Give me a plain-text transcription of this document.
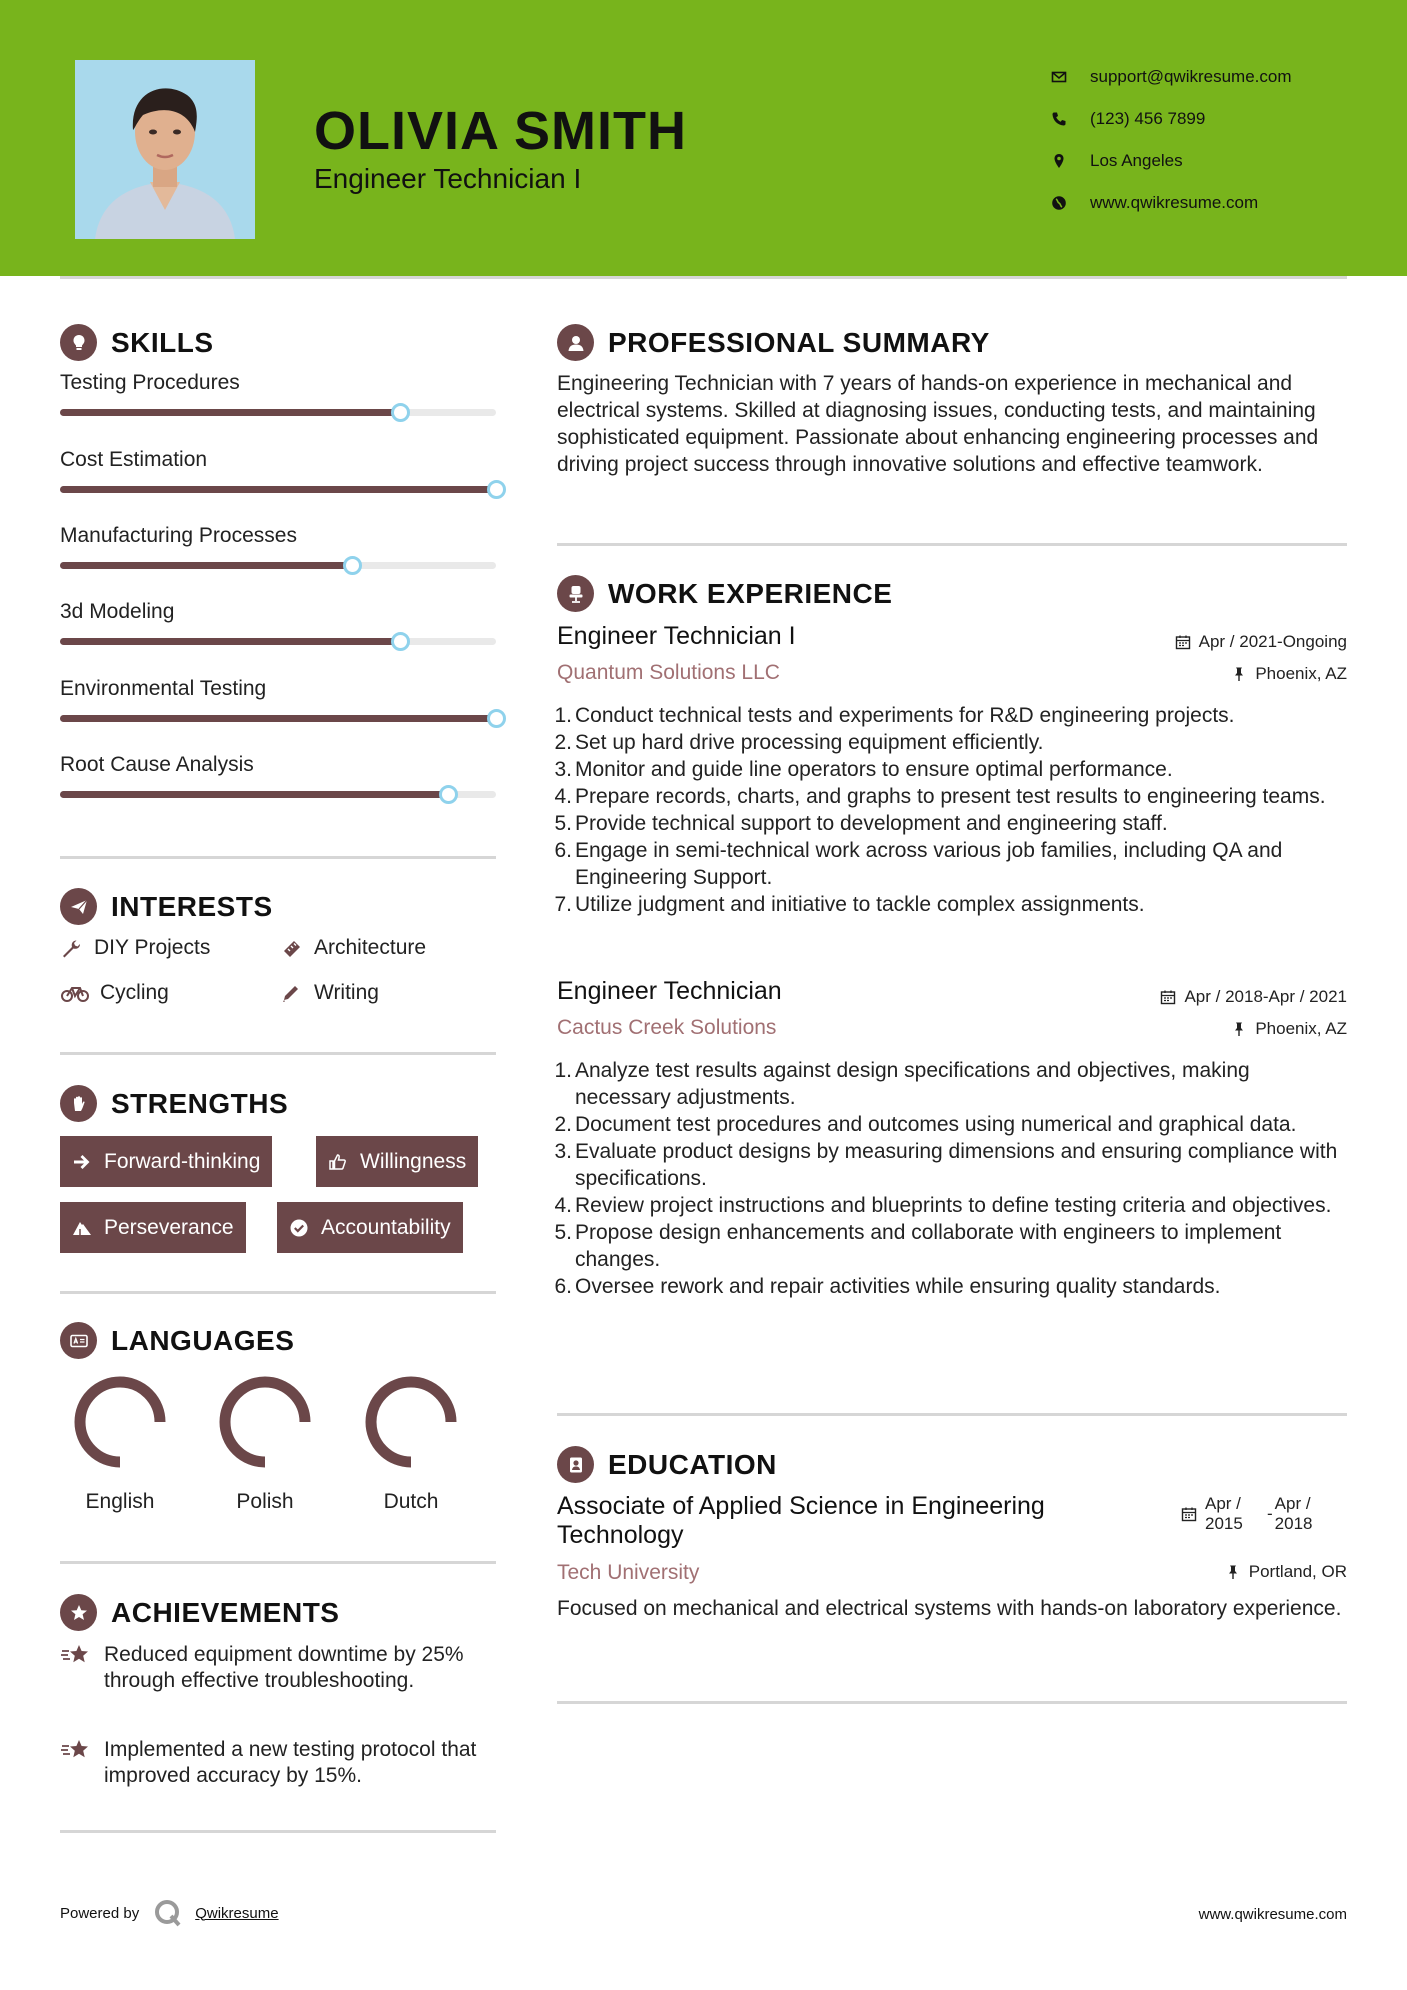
OLIVIA SMITH
Engineer Technician I
support@qwikresume.com
(123) 456 7899
Los Angeles
www.qwikresume.com
SKILLS
Testing Procedures
Cost Estimation
Manufacturing Processes
3d Modeling
Environmental Testing
Root Cause Analysis
INTERESTS
DIY Projects	Architecture
Cycling	Writing
STRENGTHS
Forward-thinking	Willingness
Perseverance	Accountability
LANGUAGES
English	Polish	Dutch
ACHIEVEMENTS
Reduced equipment downtime by 25% through effective troubleshooting.
Implemented a new testing protocol that improved accuracy by 15%.
PROFESSIONAL SUMMARY
Engineering Technician with 7 years of hands-on experience in mechanical and electrical systems. Skilled at diagnosing issues, conducting tests, and maintaining sophisticated equipment. Passionate about enhancing engineering processes and driving project success through innovative solutions and effective teamwork.
WORK EXPERIENCE
Engineer Technician I	Apr / 2021-Ongoing
Quantum Solutions LLC	Phoenix, AZ
1. Conduct technical tests and experiments for R&D engineering projects.
2. Set up hard drive processing equipment efficiently.
3. Monitor and guide line operators to ensure optimal performance.
4. Prepare records, charts, and graphs to present test results to engineering teams.
5. Provide technical support to development and engineering staff.
6. Engage in semi-technical work across various job families, including QA and Engineering Support.
7. Utilize judgment and initiative to tackle complex assignments.
Engineer Technician	Apr / 2018-Apr / 2021
Cactus Creek Solutions	Phoenix, AZ
1. Analyze test results against design specifications and objectives, making necessary adjustments.
2. Document test procedures and outcomes using numerical and graphical data.
3. Evaluate product designs by measuring dimensions and ensuring compliance with specifications.
4. Review project instructions and blueprints to define testing criteria and objectives.
5. Propose design enhancements and collaborate with engineers to implement changes.
6. Oversee rework and repair activities while ensuring quality standards.
EDUCATION
Associate of Applied Science in Engineering Technology
Apr / 2015
-
Apr / 2018
Tech University	Portland, OR
Focused on mechanical and electrical systems with hands-on laboratory experience.
Powered by	Qwikresume	www.qwikresume.com
